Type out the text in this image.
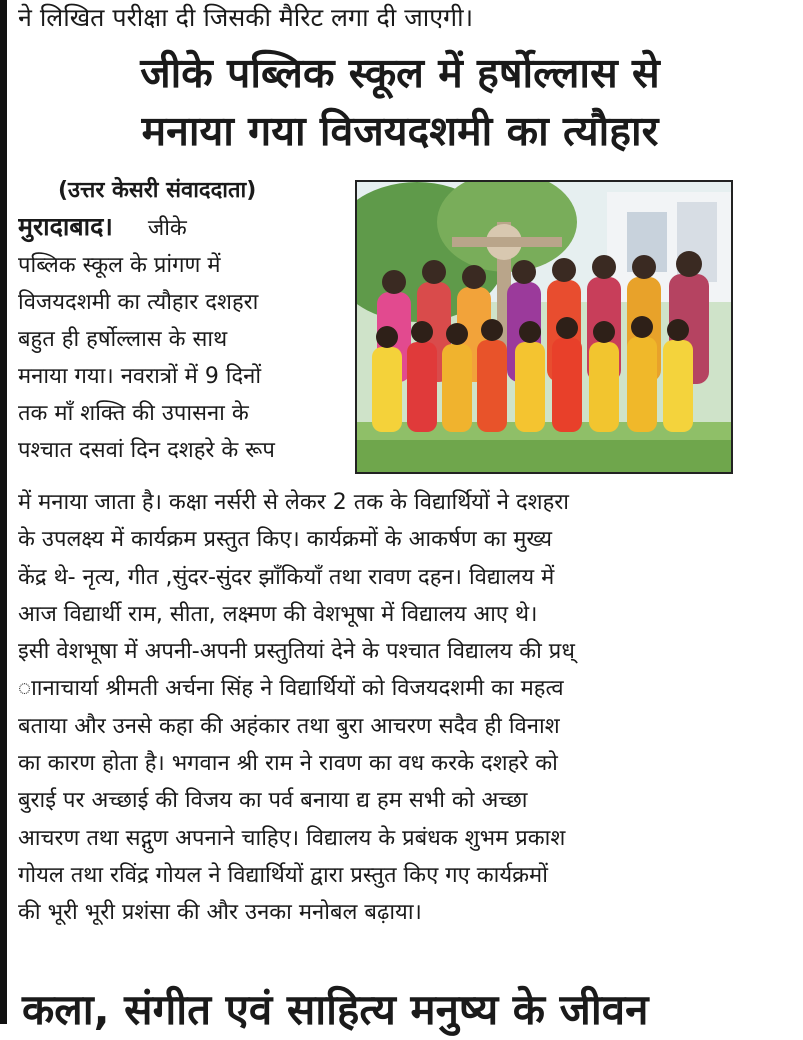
ने लिखित परीक्षा दी जिसकी मैरिट लगा दी जाएगी।
जीके पब्लिक स्कूल में हर्षोल्लास से
मनाया गया विजयदशमी का त्यौहार
(उत्तर केसरी संवाददाता)
मुरादाबाद। जीके
पब्लिक स्कूल के प्रांगण में
विजयदशमी का त्यौहार दशहरा
बहुत ही हर्षोल्लास के साथ
मनाया गया। नवरात्रों में 9 दिनों
तक माँ शक्ति की उपासना के
पश्चात दसवां दिन दशहरे के रूप
में मनाया जाता है। कक्षा नर्सरी से लेकर 2 तक के विद्यार्थियों ने दशहरा
के उपलक्ष्य में कार्यक्रम प्रस्तुत किए। कार्यक्रमों के आकर्षण का मुख्य
केंद्र थे- नृत्य, गीत ,सुंदर-सुंदर झाँकियाँ तथा रावण दहन। विद्यालय में
आज विद्यार्थी राम, सीता, लक्ष्मण की वेशभूषा में विद्यालय आए थे।
इसी वेशभूषा में अपनी-अपनी प्रस्तुतियां देने के पश्चात विद्यालय की प्रध्
ाानाचार्या श्रीमती अर्चना सिंह ने विद्यार्थियों को विजयदशमी का महत्व
बताया और उनसे कहा की अहंकार तथा बुरा आचरण सदैव ही विनाश
का कारण होता है। भगवान श्री राम ने रावण का वध करके दशहरे को
बुराई पर अच्छाई की विजय का पर्व बनाया द्य हम सभी को अच्छा
आचरण तथा सद्गुण अपनाने चाहिए। विद्यालय के प्रबंधक शुभम प्रकाश
गोयल तथा रविंद्र गोयल ने विद्यार्थियों द्वारा प्रस्तुत किए गए कार्यक्रमों
की भूरी भूरी प्रशंसा की और उनका मनोबल बढ़ाया।
कला, संगीत एवं साहित्य मनुष्य के जीवन
